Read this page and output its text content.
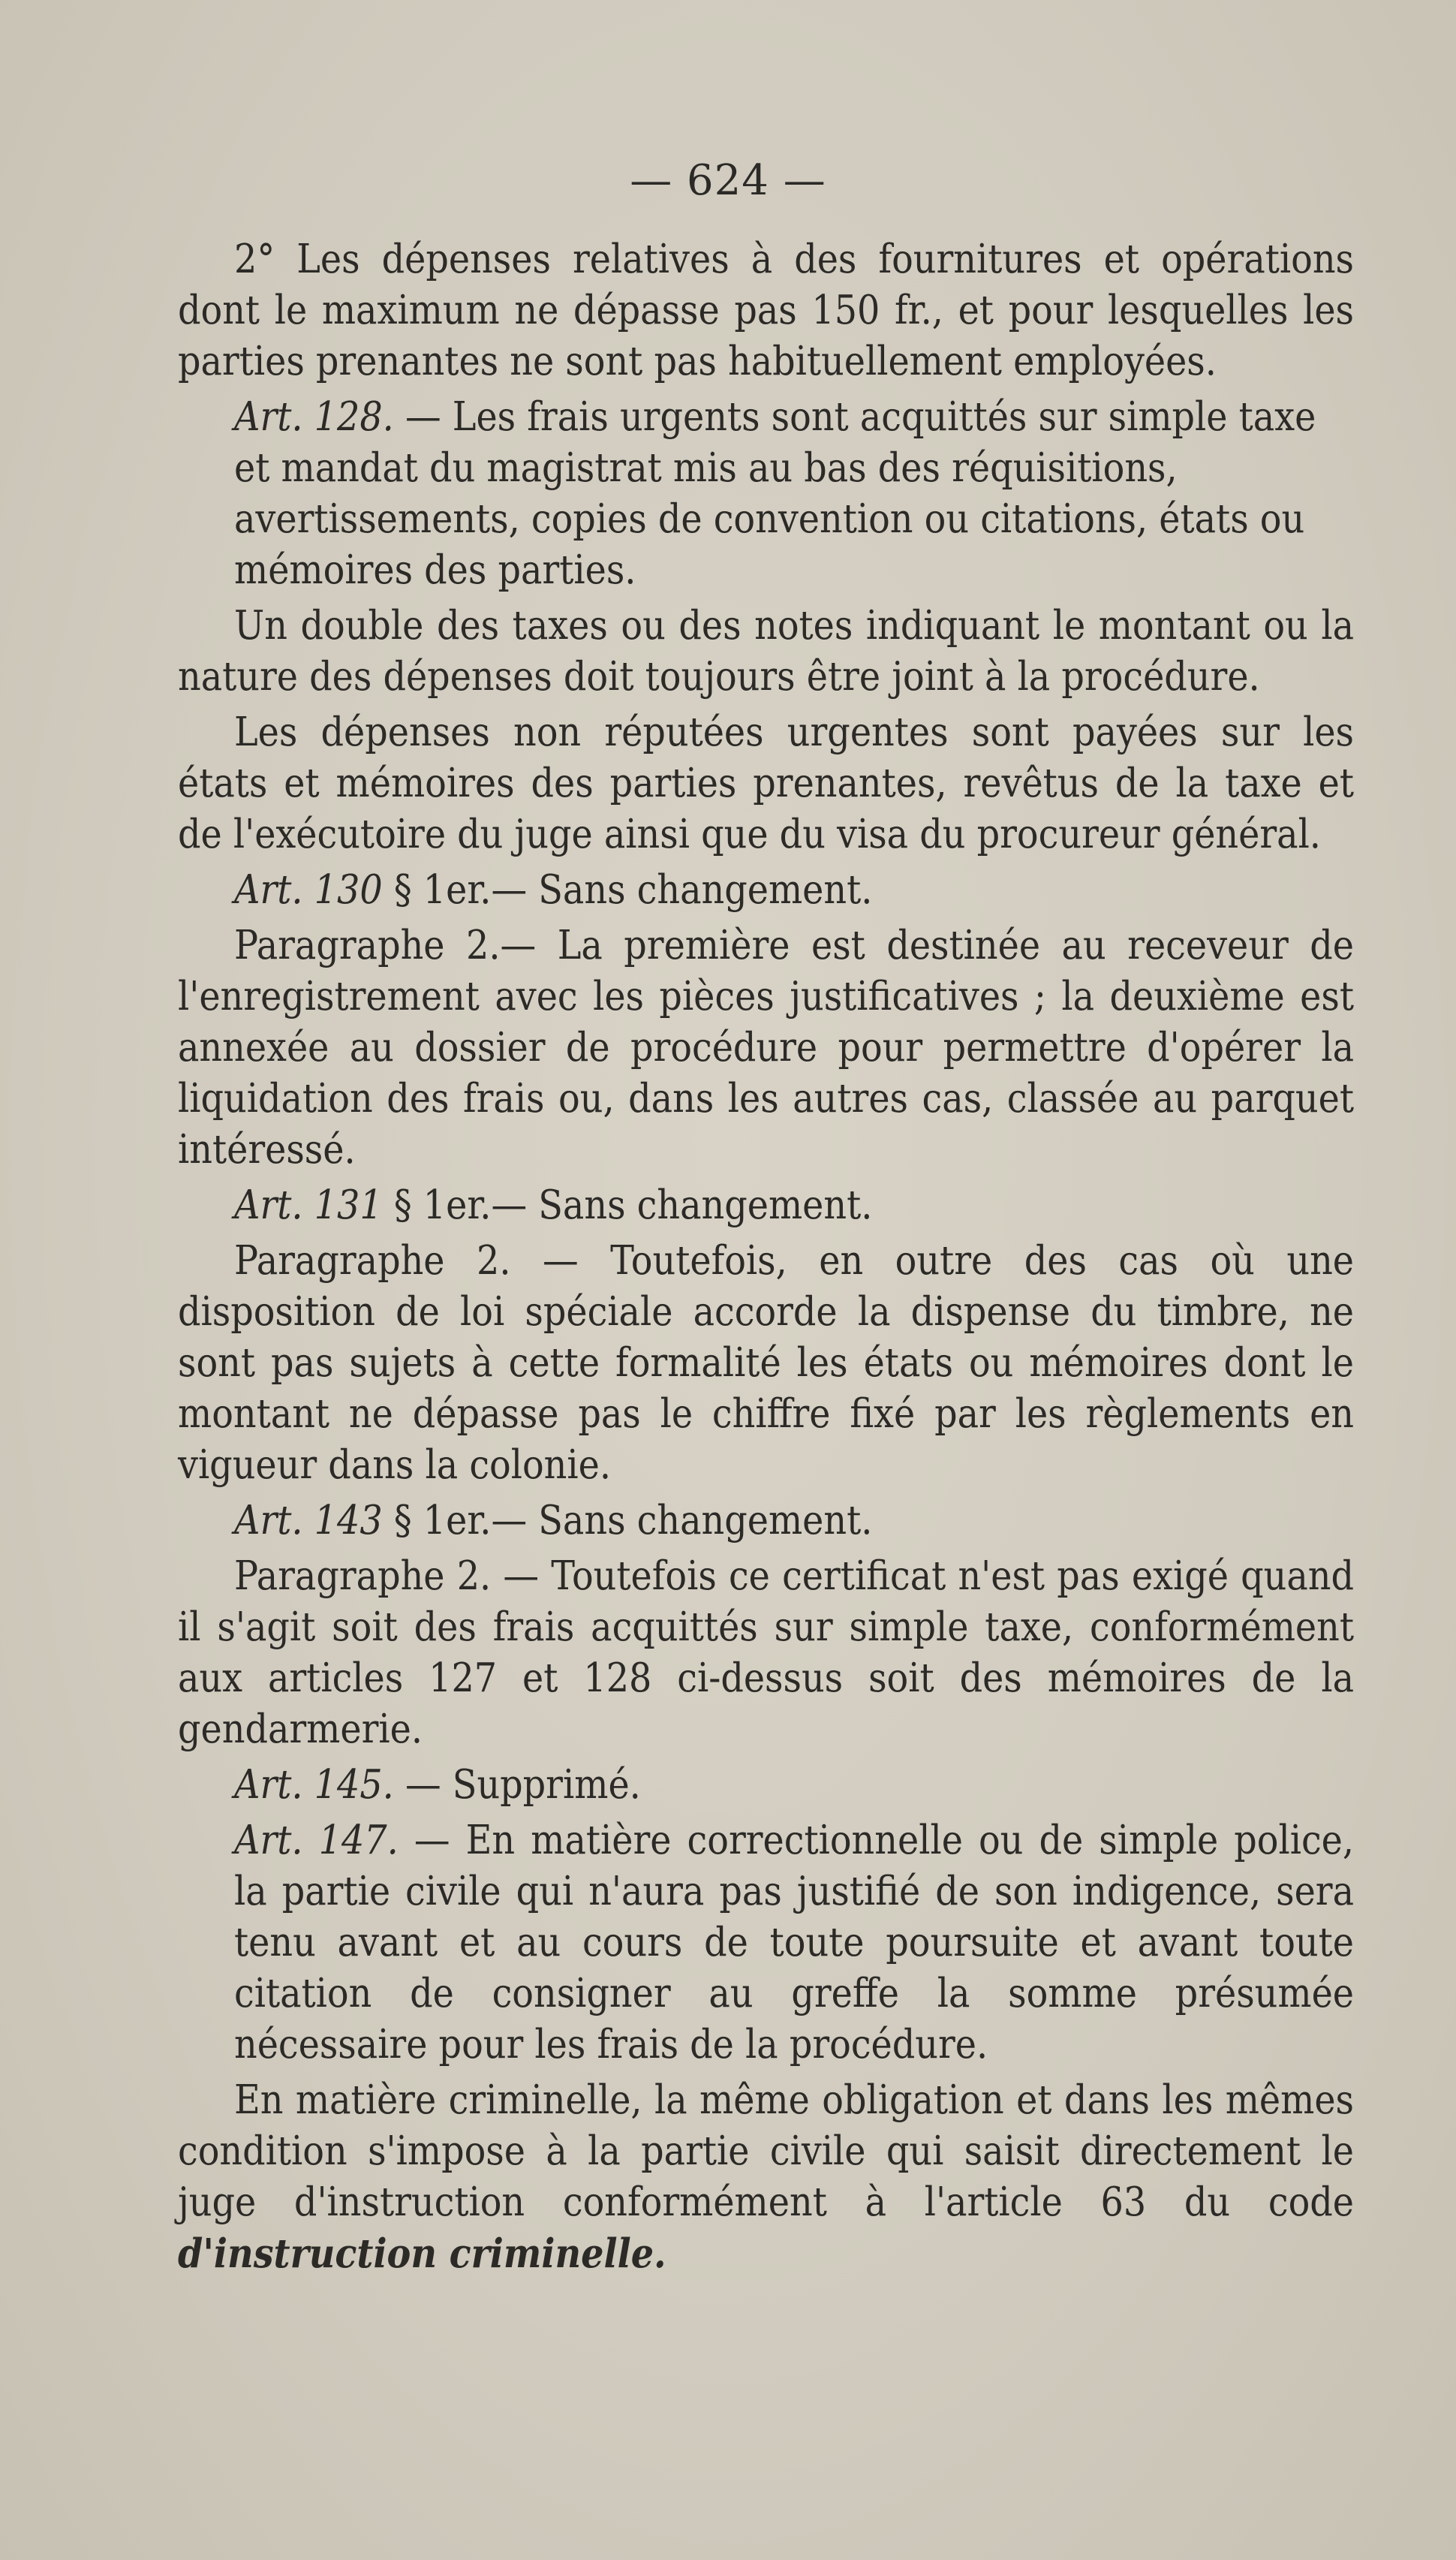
— 624 —

2° Les dépenses relatives à des fournitures et opérations dont le maximum ne dépasse pas 150 fr., et pour lesquelles les parties prenantes ne sont pas habituellement employées.

Art. 128. — Les frais urgents sont acquittés sur simple taxe et mandat du magistrat mis au bas des réquisitions, avertissements, copies de convention ou citations, états ou mémoires des parties.

Un double des taxes ou des notes indiquant le montant ou la nature des dépenses doit toujours être joint à la procédure.

Les dépenses non réputées urgentes sont payées sur les états et mémoires des parties prenantes, revêtus de la taxe et de l'exécutoire du juge ainsi que du visa du procureur général.

Art. 130 § 1er.— Sans changement.

Paragraphe 2.— La première est destinée au receveur de l'enregistrement avec les pièces justificatives ; la deuxième est annexée au dossier de procédure pour permettre d'opérer la liquidation des frais ou, dans les autres cas, classée au parquet intéressé.

Art. 131 § 1er.— Sans changement.

Paragraphe 2. — Toutefois, en outre des cas où une disposition de loi spéciale accorde la dispense du timbre, ne sont pas sujets à cette formalité les états ou mémoires dont le montant ne dépasse pas le chiffre fixé par les règlements en vigueur dans la colonie.

Art. 143 § 1er.— Sans changement.

Paragraphe 2. — Toutefois ce certificat n'est pas exigé quand il s'agit soit des frais acquittés sur simple taxe, conformément aux articles 127 et 128 ci-dessus soit des mémoires de la gendarmerie.

Art. 145. — Supprimé.

Art. 147. — En matière correctionnelle ou de simple police, la partie civile qui n'aura pas justifié de son indigence, sera tenu avant et au cours de toute poursuite et avant toute citation de consigner au greffe la somme présumée nécessaire pour les frais de la procédure.

En matière criminelle, la même obligation et dans les mêmes condition s'impose à la partie civile qui saisit directement le juge d'instruction conformément à l'article 63 du code d'instruction criminelle.
